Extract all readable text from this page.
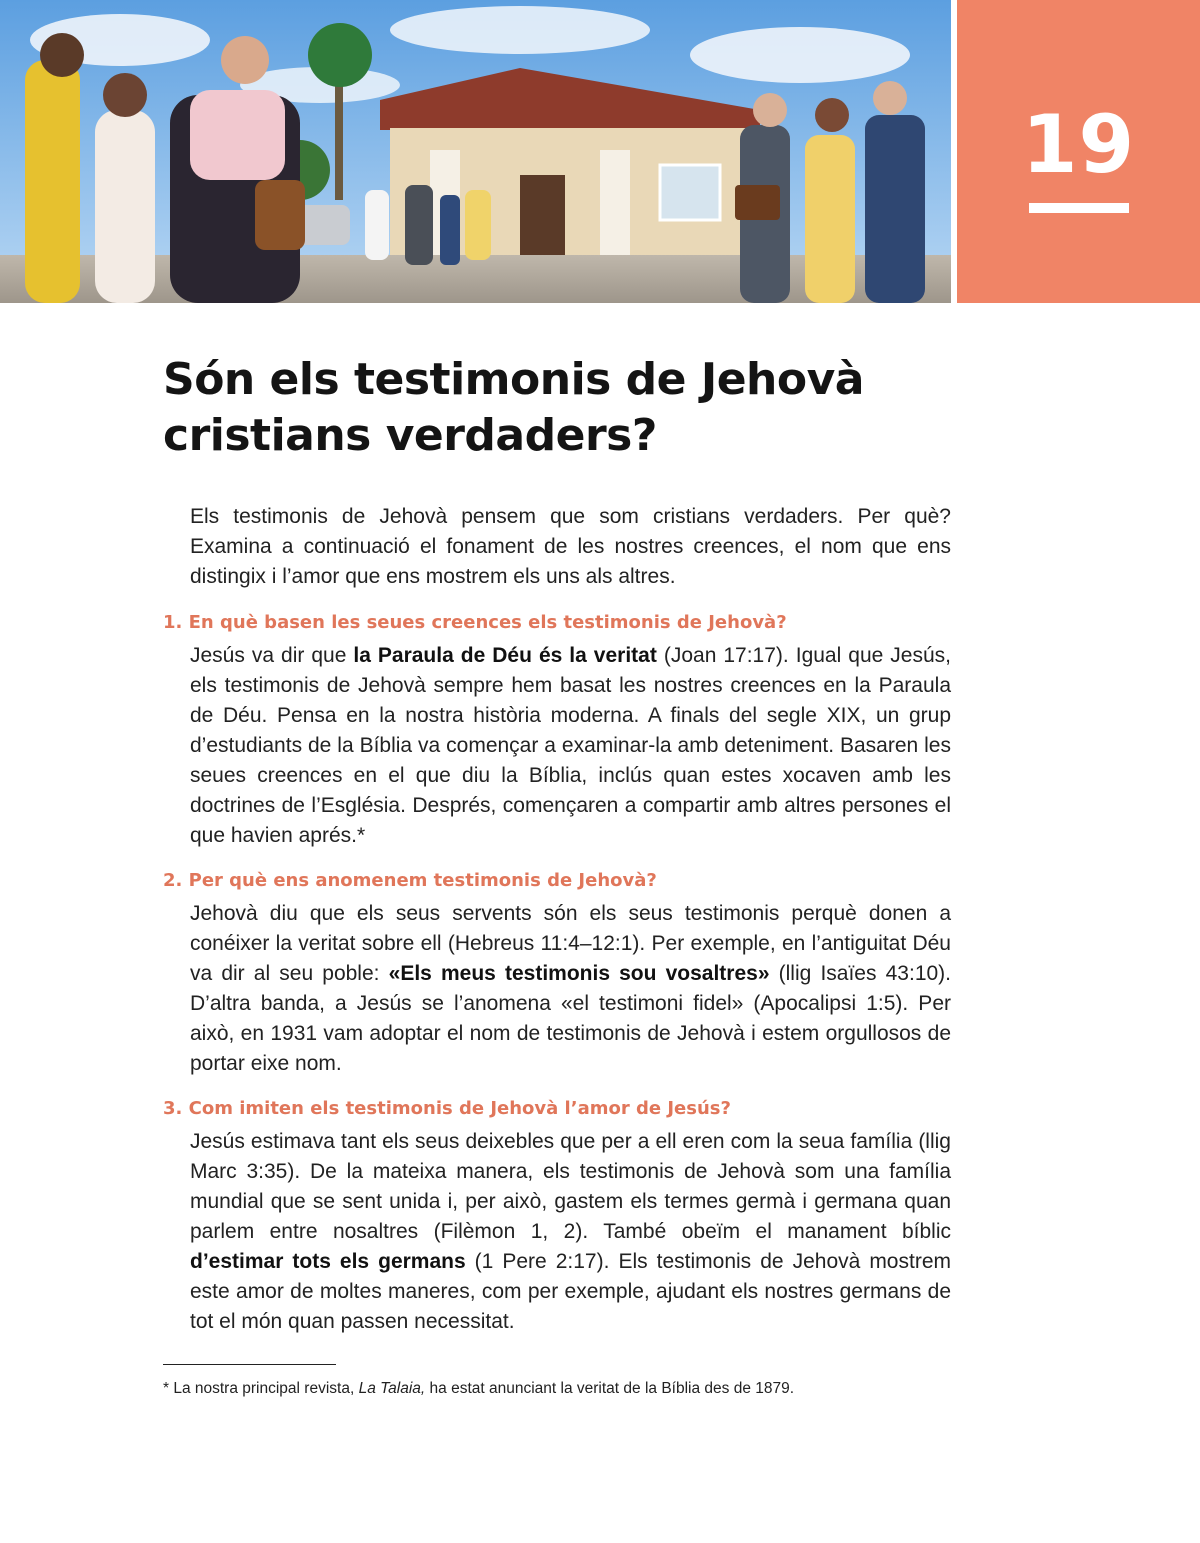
19
Són els testimonis de Jehovà cristians verdaders?

Els testimonis de Jehovà pensem que som cristians verdaders. Per què? Examina a continuació el fonament de les nostres creences, el nom que ens distingix i l’amor que ens mostrem els uns als altres.

1. En què basen les seues creences els testimonis de Jehovà?

Jesús va dir que la Paraula de Déu és la veritat (Joan 17:17). Igual que Jesús, els testimonis de Jehovà sempre hem basat les nostres creences en la Paraula de Déu. Pensa en la nostra història moderna. A finals del segle XIX, un grup d’estudiants de la Bíblia va començar a examinar-la amb deteniment. Basaren les seues creences en el que diu la Bíblia, inclús quan estes xocaven amb les doctrines de l’Església. Després, començaren a compartir amb altres persones el que havien aprés.*

2. Per què ens anomenem testimonis de Jehovà?

Jehovà diu que els seus servents són els seus testimonis perquè donen a conéixer la veritat sobre ell (Hebreus 11:4–12:1). Per exemple, en l’antiguitat Déu va dir al seu poble: «Els meus testimonis sou vosaltres» (llig Isaïes 43:10). D’altra banda, a Jesús se l’anomena «el testimoni fidel» (Apocalipsi 1:5). Per això, en 1931 vam adoptar el nom de testimonis de Jehovà i estem orgullosos de portar eixe nom.

3. Com imiten els testimonis de Jehovà l’amor de Jesús?

Jesús estimava tant els seus deixebles que per a ell eren com la seua família (llig Marc 3:35). De la mateixa manera, els testimonis de Jehovà som una família mundial que se sent unida i, per això, gastem els termes germà i germana quan parlem entre nosaltres (Filèmon 1, 2). També obeïm el manament bíblic d’estimar tots els germans (1 Pere 2:17). Els testimonis de Jehovà mostrem este amor de moltes maneres, com per exemple, ajudant els nostres germans de tot el món quan passen necessitat.

* La nostra principal revista, La Talaia, ha estat anunciant la veritat de la Bíblia des de 1879.
